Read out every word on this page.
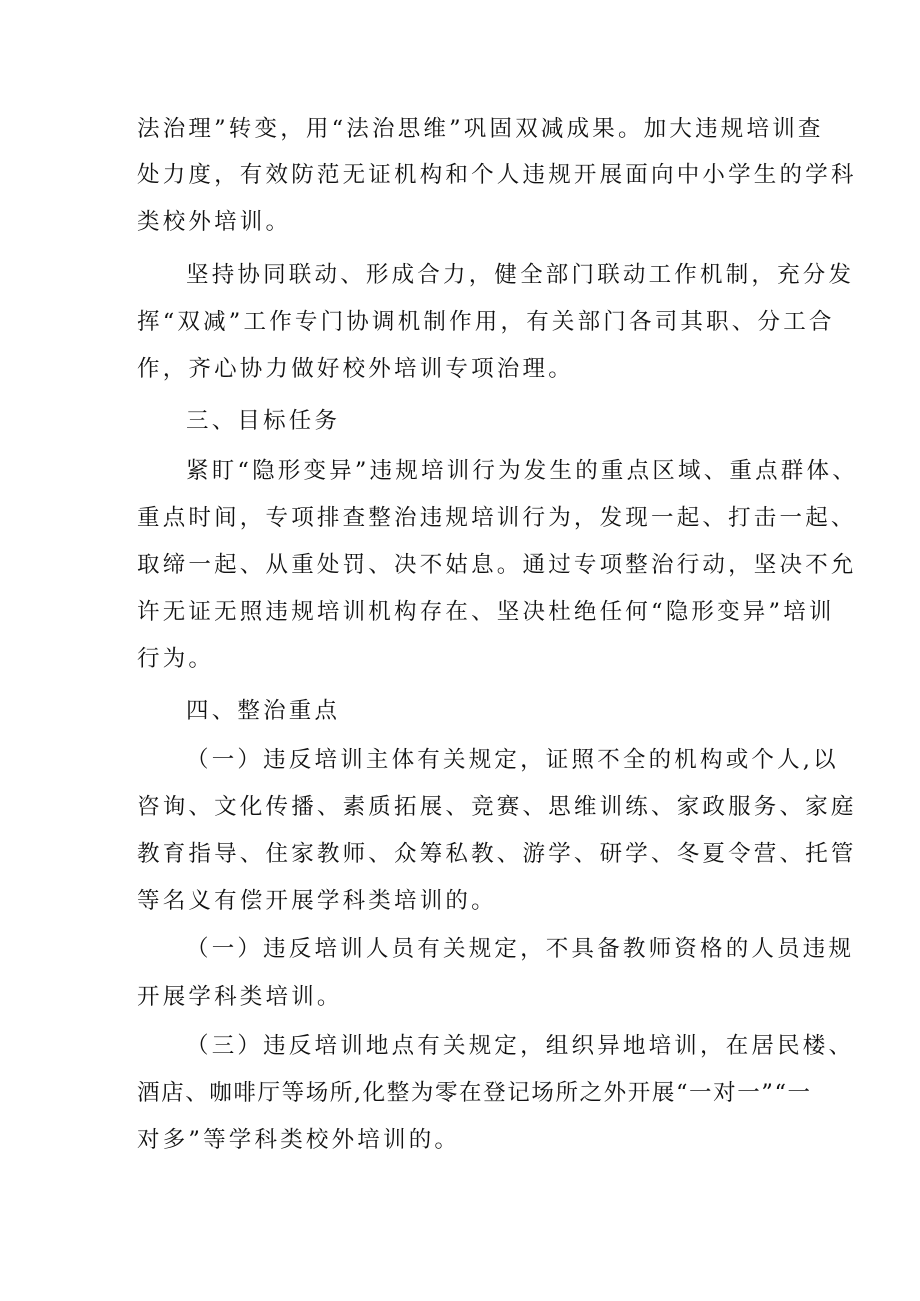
法治理”转变，用“法治思维”巩固双减成果。加大违规培训查
处力度，有效防范无证机构和个人违规开展面向中小学生的学科
类校外培训。
坚持协同联动、形成合力，健全部门联动工作机制，充分发
挥“双减”工作专门协调机制作用，有关部门各司其职、分工合
作，齐心协力做好校外培训专项治理。
三、目标任务
紧盯“隐形变异”违规培训行为发生的重点区域、重点群体、
重点时间，专项排查整治违规培训行为，发现一起、打击一起、
取缔一起、从重处罚、决不姑息。通过专项整治行动，坚决不允
许无证无照违规培训机构存在、坚决杜绝任何“隐形变异”培训
行为。
四、整治重点
（一）违反培训主体有关规定，证照不全的机构或个人,以
咨询、文化传播、素质拓展、竞赛、思维训练、家政服务、家庭
教育指导、住家教师、众筹私教、游学、研学、冬夏令营、托管
等名义有偿开展学科类培训的。
（一）违反培训人员有关规定，不具备教师资格的人员违规
开展学科类培训。
（三）违反培训地点有关规定，组织异地培训，在居民楼、
酒店、咖啡厅等场所,化整为零在登记场所之外开展“一对一”“一
对多”等学科类校外培训的。
